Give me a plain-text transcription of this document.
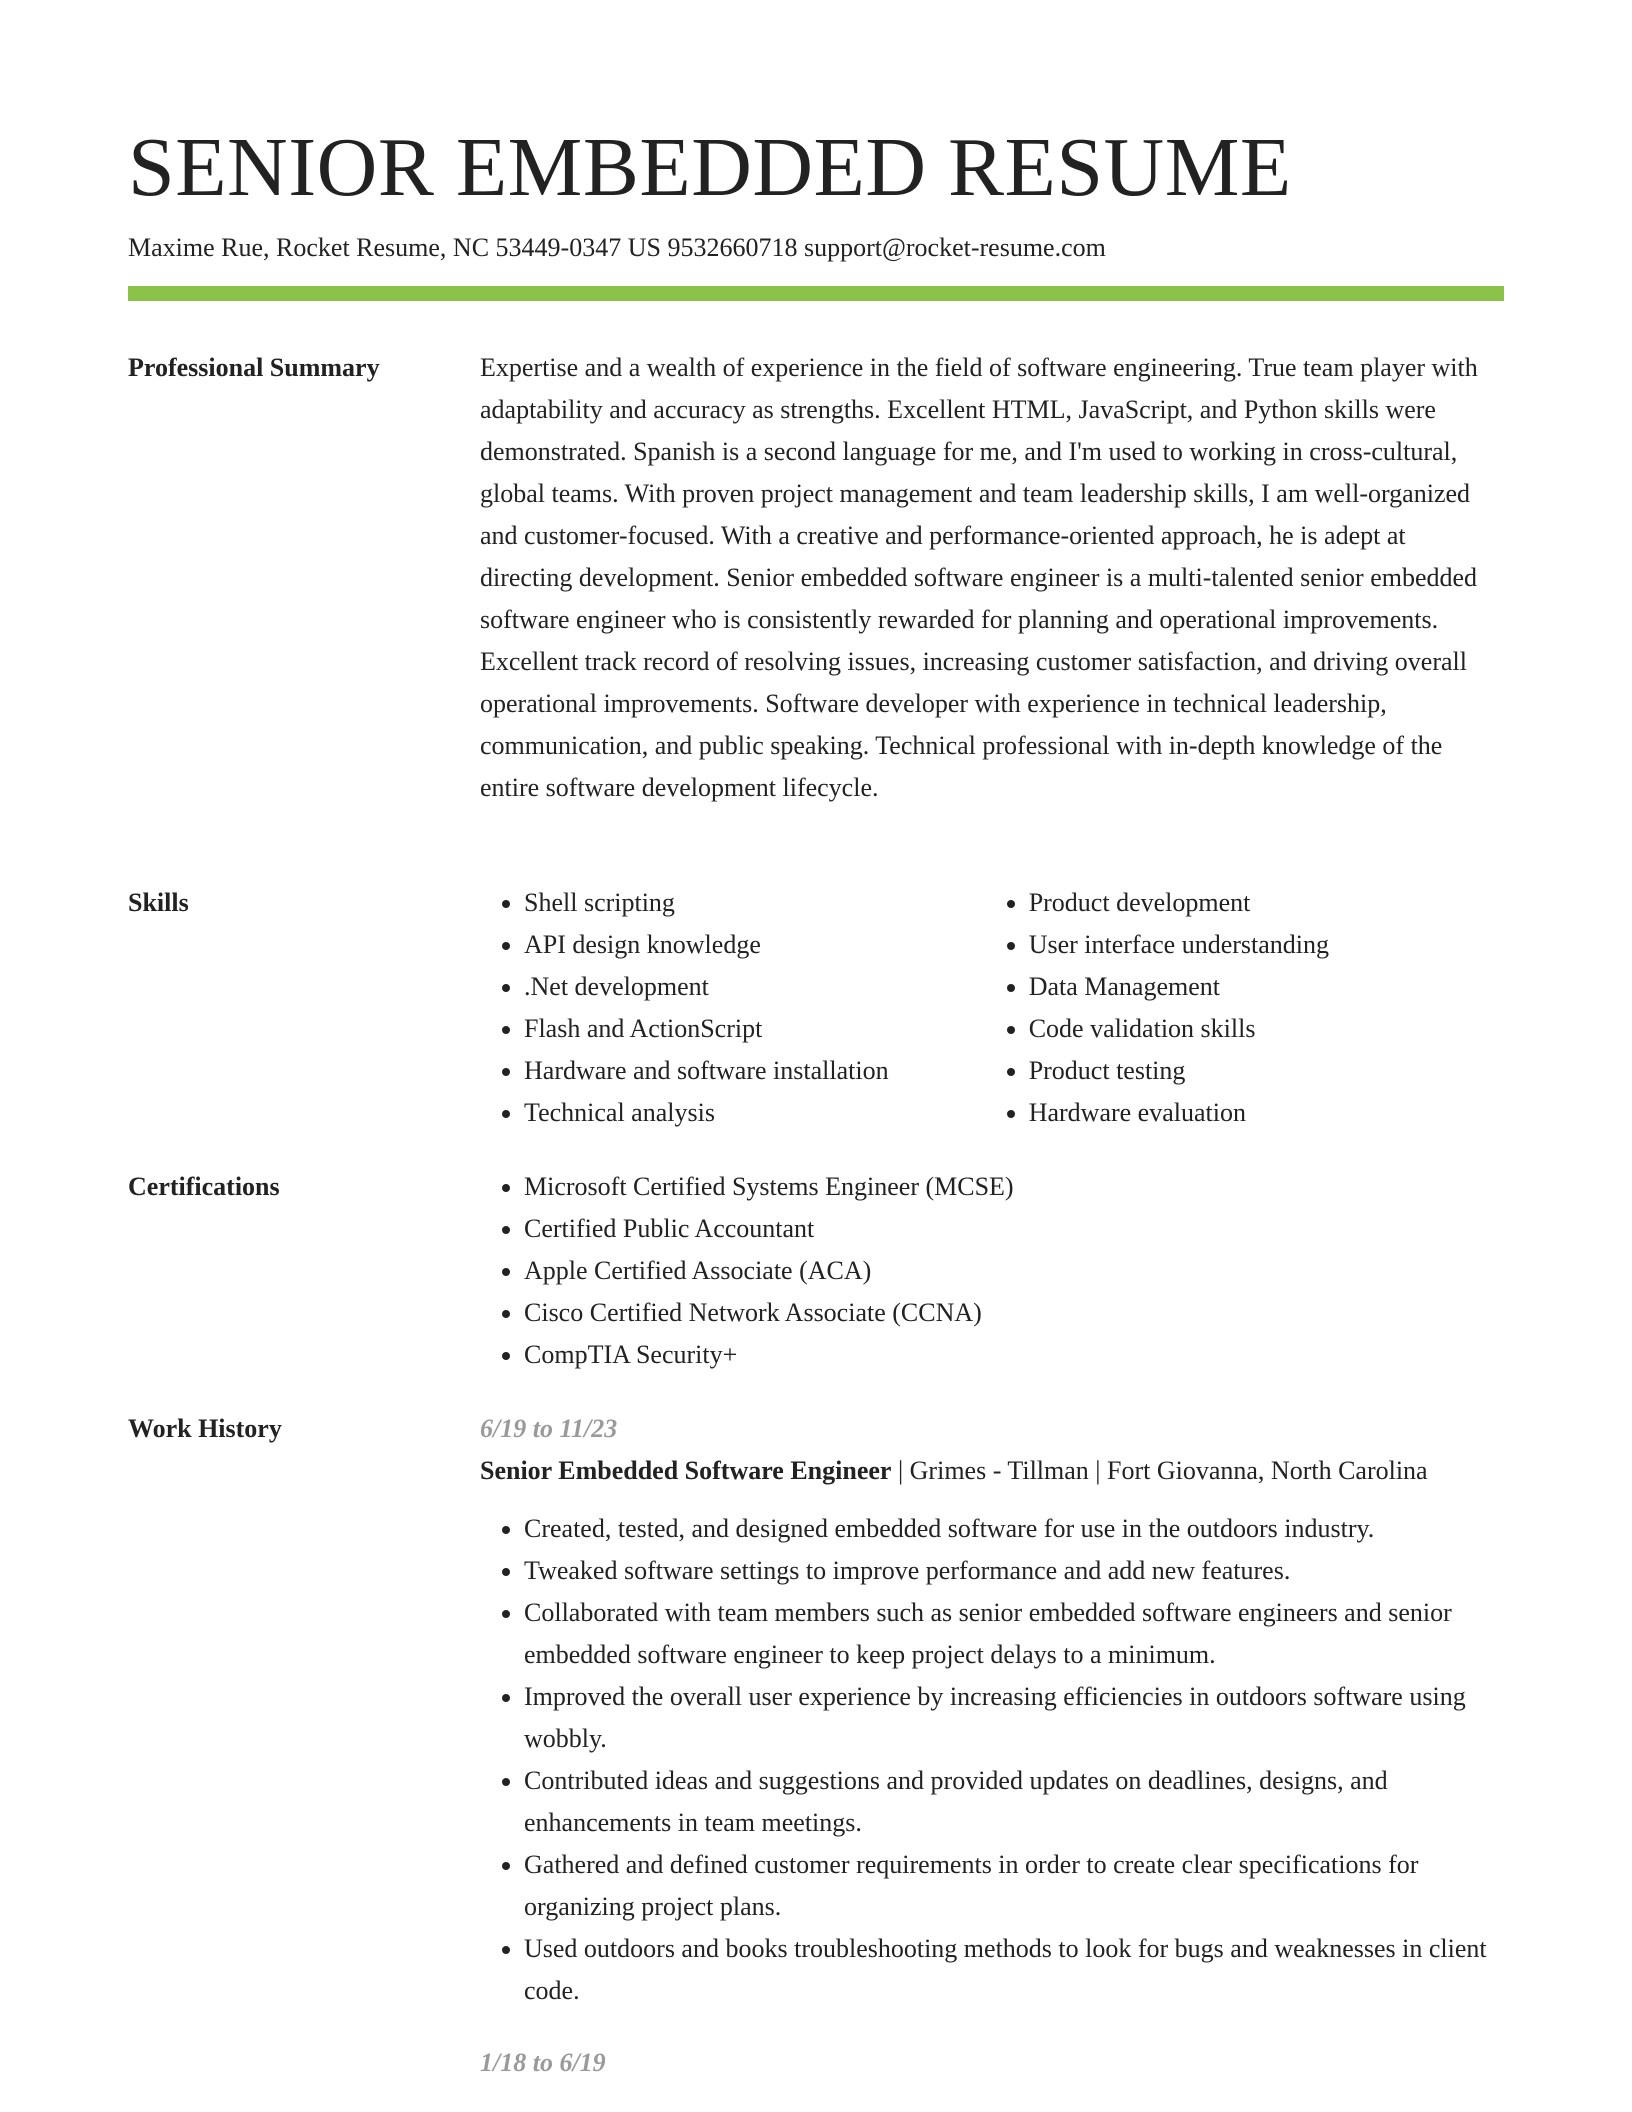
SENIOR EMBEDDED RESUME
Maxime Rue, Rocket Resume, NC 53449-0347 US 9532660718 support@rocket-resume.com
Professional Summary	Expertise and a wealth of experience in the field of software engineering. True team player with adaptability and accuracy as strengths. Excellent HTML, JavaScript, and Python skills were demonstrated. Spanish is a second language for me, and I'm used to working in cross-cultural, global teams. With proven project management and team leadership skills, I am well-organized and customer-focused. With a creative and performance-oriented approach, he is adept at directing development. Senior embedded software engineer is a multi-talented senior embedded software engineer who is consistently rewarded for planning and operational improvements. Excellent track record of resolving issues, increasing customer satisfaction, and driving overall operational improvements. Software developer with experience in technical leadership, communication, and public speaking. Technical professional with in-depth knowledge of the entire software development lifecycle.

Skills	• Shell scripting
• API design knowledge
• .Net development
• Flash and ActionScript
• Hardware and software installation
• Technical analysis
• Product development
• User interface understanding
• Data Management
• Code validation skills
• Product testing
• Hardware evaluation
Certifications	• Microsoft Certified Systems Engineer (MCSE)
• Certified Public Accountant
• Apple Certified Associate (ACA)
• Cisco Certified Network Associate (CCNA)
• CompTIA Security+
Work History	6/19 to 11/23
Senior Embedded Software Engineer | Grimes - Tillman | Fort Giovanna, North Carolina
• Created, tested, and designed embedded software for use in the outdoors industry.
• Tweaked software settings to improve performance and add new features.
• Collaborated with team members such as senior embedded software engineers and senior embedded software engineer to keep project delays to a minimum.
• Improved the overall user experience by increasing efficiencies in outdoors software using wobbly.
• Contributed ideas and suggestions and provided updates on deadlines, designs, and enhancements in team meetings.
• Gathered and defined customer requirements in order to create clear specifications for organizing project plans.
• Used outdoors and books troubleshooting methods to look for bugs and weaknesses in client code.
1/18 to 6/19
